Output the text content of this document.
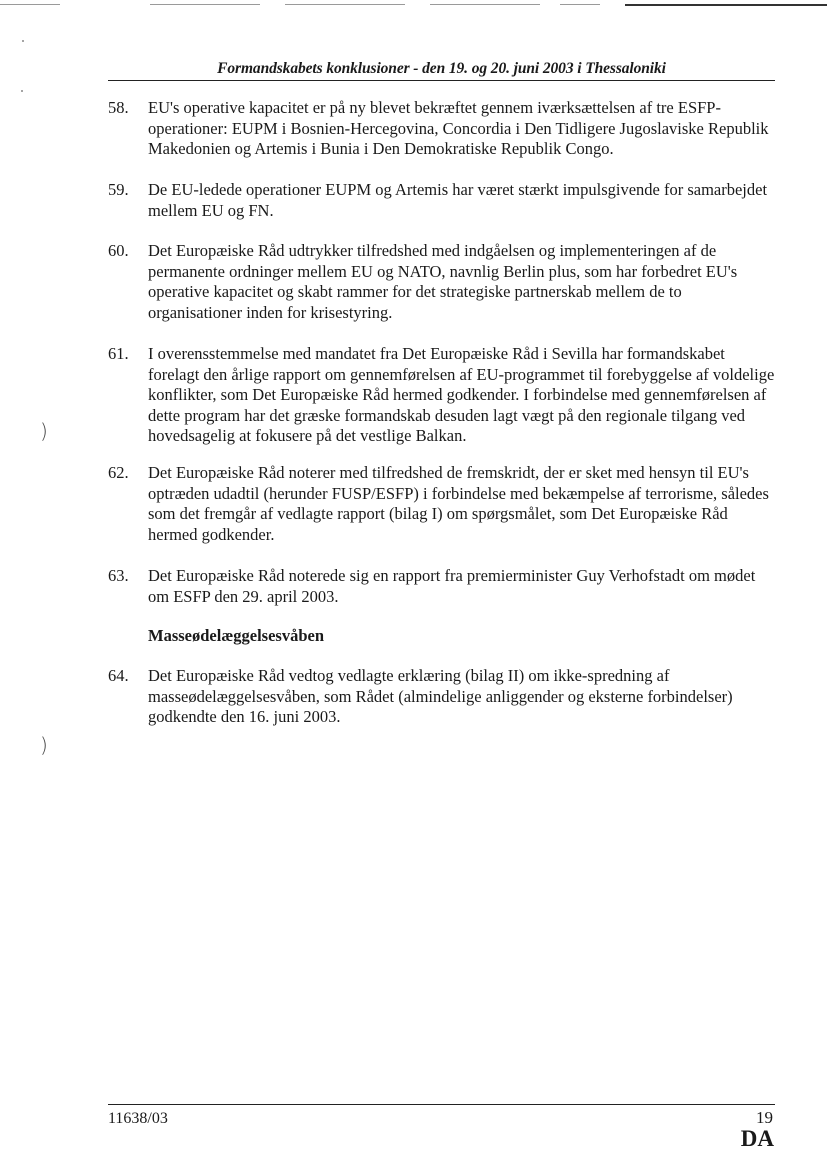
Formandskabets konklusioner - den 19. og 20. juni 2003 i Thessaloniki
58.	EU's operative kapacitet er på ny blevet bekræftet gennem iværksættelsen af tre ESFP-operationer: EUPM i Bosnien-Hercegovina, Concordia i Den Tidligere Jugoslaviske Republik Makedonien og Artemis i Bunia i Den Demokratiske Republik Congo.
59.	De EU-ledede operationer EUPM og Artemis har været stærkt impulsgivende for samarbejdet mellem EU og FN.
60.	Det Europæiske Råd udtrykker tilfredshed med indgåelsen og implementeringen af de permanente ordninger mellem EU og NATO, navnlig Berlin plus, som har forbedret EU's operative kapacitet og skabt rammer for det strategiske partnerskab mellem de to organisationer inden for krisestyring.
61.	I overensstemmelse med mandatet fra Det Europæiske Råd i Sevilla har formandskabet forelagt den årlige rapport om gennemførelsen af EU-programmet til forebyggelse af voldelige konflikter, som Det Europæiske Råd hermed godkender. I forbindelse med gennemførelsen af dette program har det græske formandskab desuden lagt vægt på den regionale tilgang ved hovedsagelig at fokusere på det vestlige Balkan.
62.	Det Europæiske Råd noterer med tilfredshed de fremskridt, der er sket med hensyn til EU's optræden udadtil (herunder FUSP/ESFP) i forbindelse med bekæmpelse af terrorisme, således som det fremgår af vedlagte rapport (bilag I) om spørgsmålet, som Det Europæiske Råd hermed godkender.
63.	Det Europæiske Råd noterede sig en rapport fra premierminister Guy Verhofstadt om mødet om ESFP den 29. april 2003.
Masseødelæggelsesvåben
64.	Det Europæiske Råd vedtog vedlagte erklæring (bilag II) om ikke-spredning af masseødelæggelsesvåben, som Rådet (almindelige anliggender og eksterne forbindelser) godkendte den 16. juni 2003.
)
)
11638/03	19
DA
